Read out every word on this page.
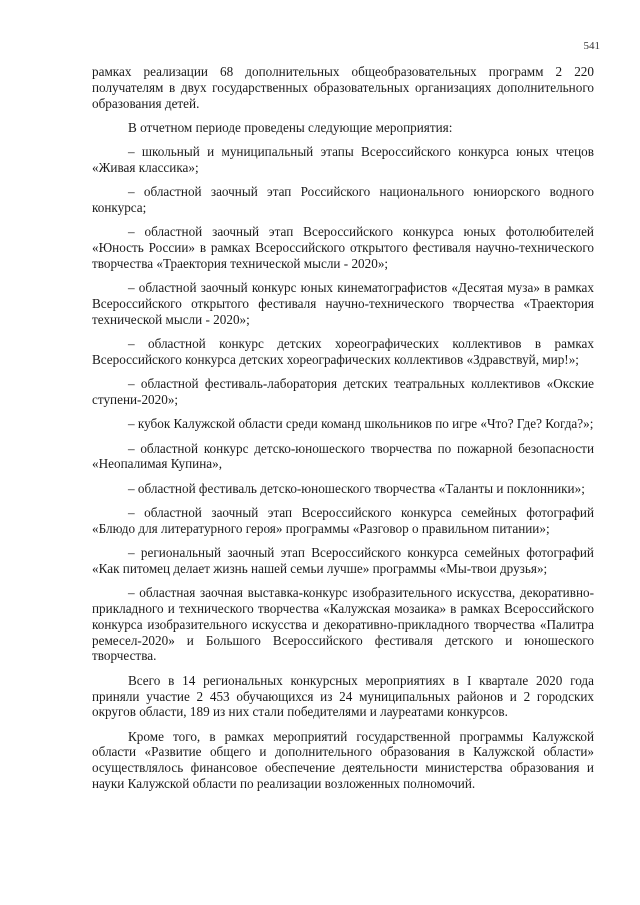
541

рамках реализации 68 дополнительных общеобразовательных программ 2 220 получателям в двух государственных образовательных организациях дополнительного образования детей.

В отчетном периоде проведены следующие мероприятия:

– школьный и муниципальный этапы Всероссийского конкурса юных чтецов «Живая классика»;

– областной заочный этап Российского национального юниорского водного конкурса;

– областной заочный этап Всероссийского конкурса юных фотолюбителей «Юность России» в рамках Всероссийского открытого фестиваля научно-технического творчества «Траектория технической мысли - 2020»;

– областной заочный конкурс юных кинематографистов «Десятая муза» в рамках Всероссийского открытого фестиваля научно-технического творчества «Траектория технической мысли - 2020»;

– областной конкурс детских хореографических коллективов в рамках Всероссийского конкурса детских хореографических коллективов «Здравствуй, мир!»;

– областной фестиваль-лаборатория детских театральных коллективов «Окские ступени-2020»;

– кубок Калужской области среди команд школьников по игре «Что? Где? Когда?»;

– областной конкурс детско-юношеского творчества по пожарной безопасности «Неопалимая Купина»,

– областной фестиваль детско-юношеского творчества «Таланты и поклонники»;

– областной заочный этап Всероссийского конкурса семейных фотографий «Блюдо для литературного героя» программы «Разговор о правильном питании»;

– региональный заочный этап Всероссийского конкурса семейных фотографий «Как питомец делает жизнь нашей семьи лучше» программы «Мы-твои друзья»;

– областная заочная выставка-конкурс изобразительного искусства, декоративно-прикладного и технического творчества «Калужская мозаика» в рамках Всероссийского конкурса изобразительного искусства и декоративно-прикладного творчества «Палитра ремесел-2020» и Большого Всероссийского фестиваля детского и юношеского творчества.

Всего в 14 региональных конкурсных мероприятиях в I квартале 2020 года приняли участие 2 453 обучающихся из 24 муниципальных районов и 2 городских округов области, 189 из них стали победителями и лауреатами конкурсов.

Кроме того, в рамках мероприятий государственной программы Калужской области «Развитие общего и дополнительного образования в Калужской области» осуществлялось финансовое обеспечение деятельности министерства образования и науки Калужской области по реализации возложенных полномочий.
